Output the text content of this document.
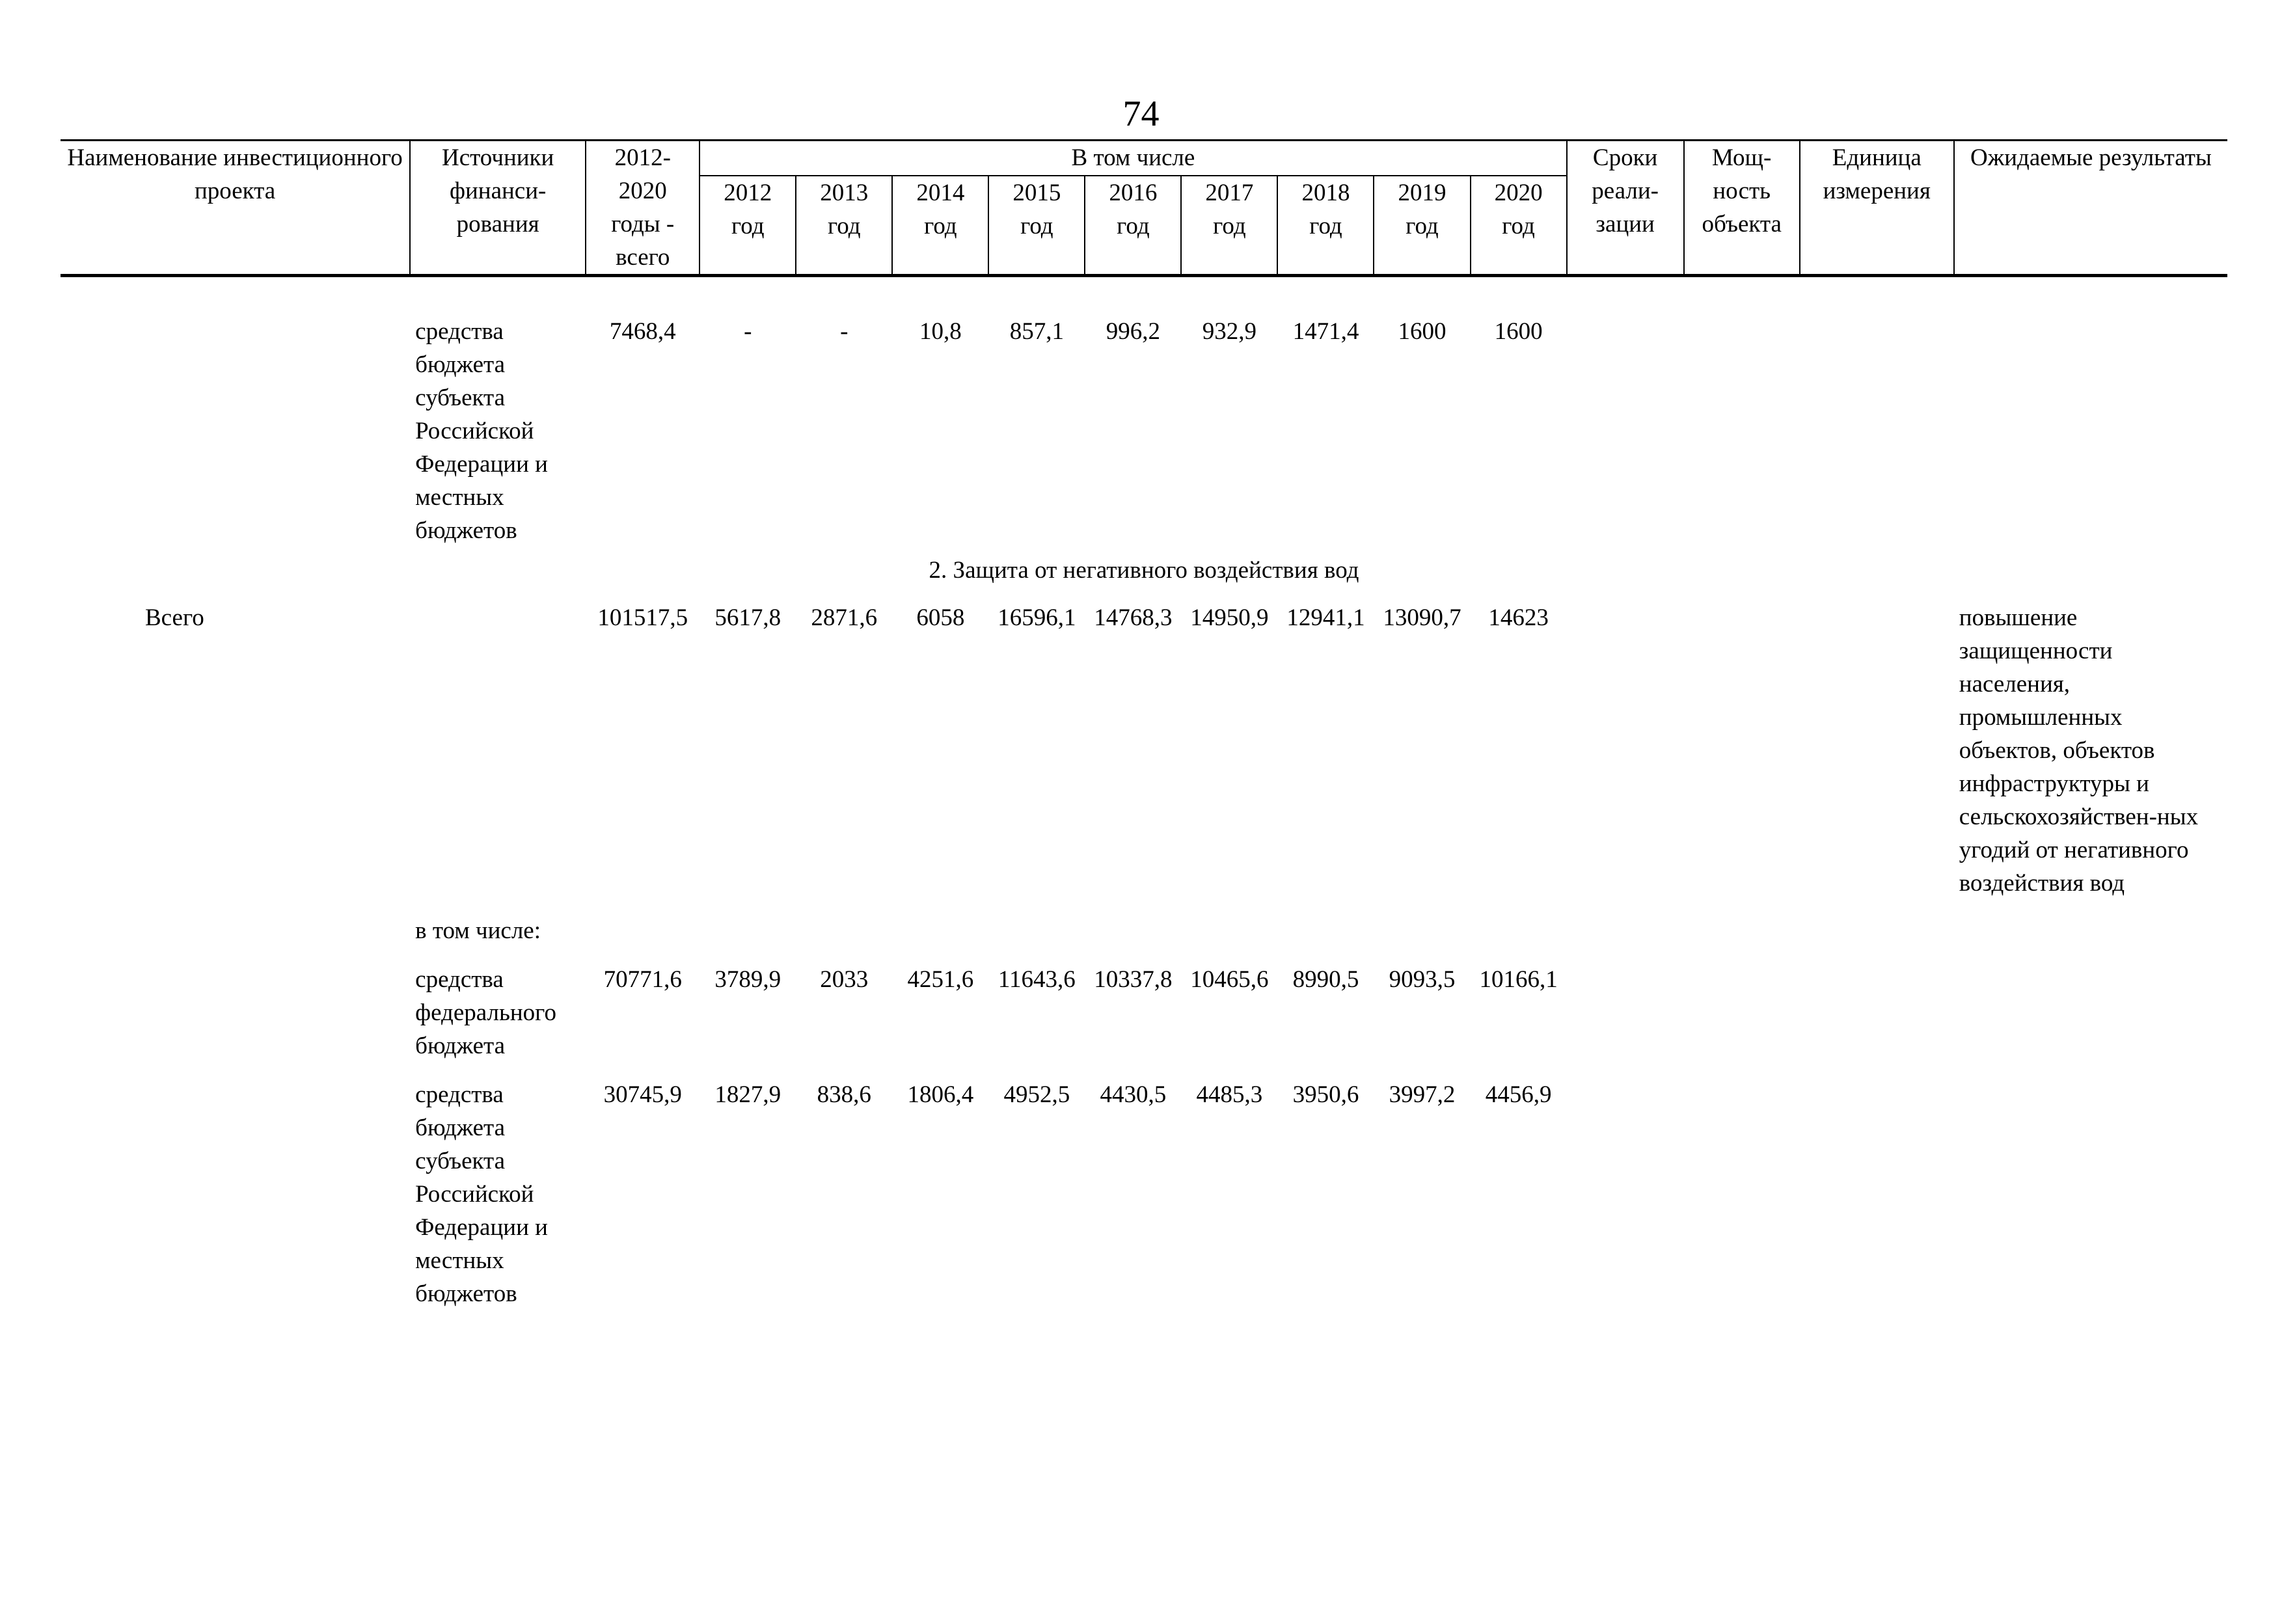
74
Наименование инвестиционного проекта	Источники финанси-рования	2012-2020 годы - всего	В том числе									Сроки реали-зации	Мощ-ность объекта	Единица измерения	Ожидаемые результаты
			2012 год	2013 год	2014 год	2015 год	2016 год	2017 год	2018 год	2019 год	2020 год				

	средства бюджета субъекта Российской Федерации и местных бюджетов	7468,4	-	-	10,8	857,1	996,2	932,9	1471,4	1600	1600				

2. Защита от негативного воздействия вод															

Всего		101517,5	5617,8	2871,6	6058	16596,1	14768,3	14950,9	12941,1	13090,7	14623				повышение защищенности населения, промышленных объектов, объектов инфраструктуры и сельскохозяйствен-ных угодий от негативного воздействия вод

	в том числе:														

	средства федерального бюджета	70771,6	3789,9	2033	4251,6	11643,6	10337,8	10465,6	8990,5	9093,5	10166,1				

	средства бюджета субъекта Российской Федерации и местных бюджетов	30745,9	1827,9	838,6	1806,4	4952,5	4430,5	4485,3	3950,6	3997,2	4456,9				
